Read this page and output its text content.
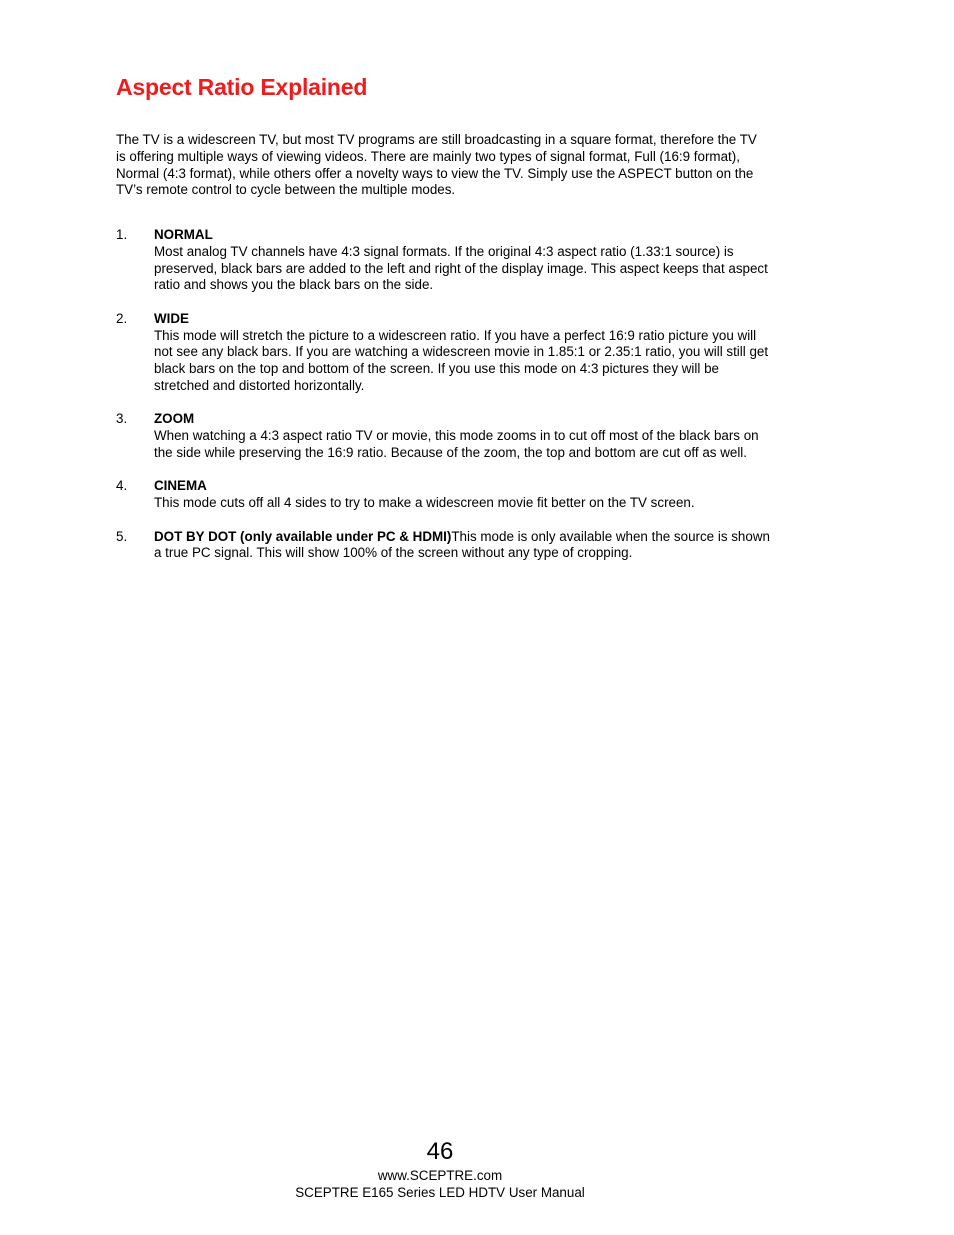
Aspect Ratio Explained

The TV is a widescreen TV, but most TV programs are still broadcasting in a square format, therefore the TV is offering multiple ways of viewing videos. There are mainly two types of signal format, Full (16:9 format), Normal (4:3 format), while others offer a novelty ways to view the TV. Simply use the ASPECT button on the TV’s remote control to cycle between the multiple modes.

1. NORMAL
Most analog TV channels have 4:3 signal formats. If the original 4:3 aspect ratio (1.33:1 source) is preserved, black bars are added to the left and right of the display image. This aspect keeps that aspect ratio and shows you the black bars on the side.
2. WIDE
This mode will stretch the picture to a widescreen ratio. If you have a perfect 16:9 ratio picture you will not see any black bars. If you are watching a widescreen movie in 1.85:1 or 2.35:1 ratio, you will still get black bars on the top and bottom of the screen. If you use this mode on 4:3 pictures they will be stretched and distorted horizontally.
3. ZOOM
When watching a 4:3 aspect ratio TV or movie, this mode zooms in to cut off most of the black bars on the side while preserving the 16:9 ratio. Because of the zoom, the top and bottom are cut off as well.
4. CINEMA
This mode cuts off all 4 sides to try to make a widescreen movie fit better on the TV screen.
5. DOT BY DOT (only available under PC & HDMI)This mode is only available when the source is shown a true PC signal. This will show 100% of the screen without any type of cropping.
46
www.SCEPTRE.com
SCEPTRE E165 Series LED HDTV User Manual
